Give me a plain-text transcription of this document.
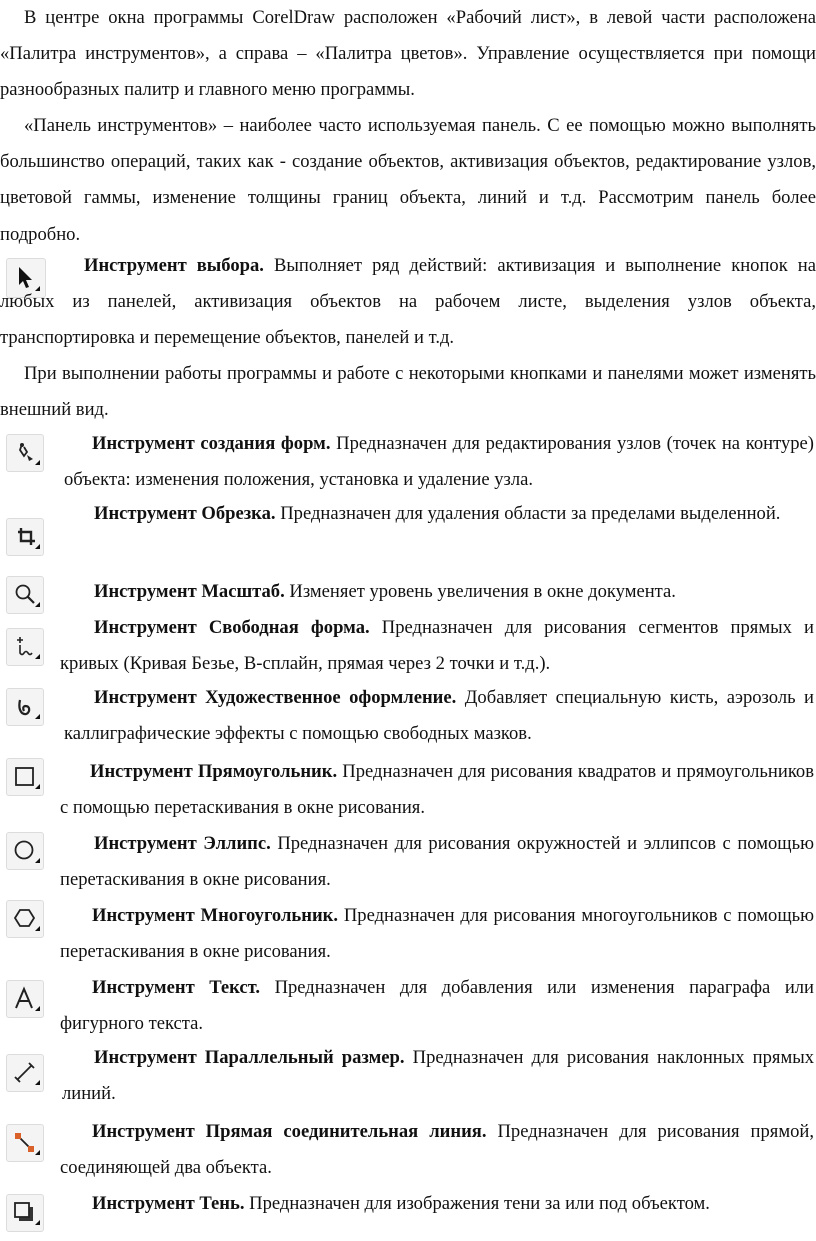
В центре окна программы CorelDraw расположен «Рабочий лист», в левой части расположена «Палитра инструментов», а справа – «Палитра цветов». Управление осуществляется при помощи разнообразных палитр и главного меню программы.

«Панель инструментов» – наиболее часто используемая панель. С ее помощью можно выполнять большинство операций, таких как - создание объектов, активизация объектов, редактирование узлов, цветовой гаммы, изменение толщины границ объекта, линий и т.д. Рассмотрим панель более подробно.

Инструмент выбора. Выполняет ряд действий: активизация и выполнение кнопок на любых из панелей, активизация объектов на рабочем листе, выделения узлов объекта, транспортировка и перемещение объектов, панелей и т.д.

При выполнении работы программы и работе с некоторыми кнопками и панелями может изменять внешний вид.

Инструмент создания форм. Предназначен для редактирования узлов (точек на контуре) объекта: изменения положения, установка и удаление узла.

Инструмент Обрезка. Предназначен для удаления области за пределами выделенной.

Инструмент Масштаб. Изменяет уровень увеличения в окне документа.

Инструмент Свободная форма. Предназначен для рисования сегментов прямых и кривых (Кривая Безье, В-сплайн, прямая через 2 точки и т.д.).

Инструмент Художественное оформление. Добавляет специальную кисть, аэрозоль и каллиграфические эффекты с помощью свободных мазков.

Инструмент Прямоугольник. Предназначен для рисования квадратов и прямоугольников с помощью перетаскивания в окне рисования.

Инструмент Эллипс. Предназначен для рисования окружностей и эллипсов с помощью перетаскивания в окне рисования.

Инструмент Многоугольник. Предназначен для рисования многоугольников с помощью перетаскивания в окне рисования.

Инструмент Текст. Предназначен для добавления или изменения параграфа или фигурного текста.

Инструмент Параллельный размер. Предназначен для рисования наклонных прямых линий.

Инструмент Прямая соединительная линия. Предназначен для рисования прямой, соединяющей два объекта.

Инструмент Тень. Предназначен для изображения тени за или под объектом.
